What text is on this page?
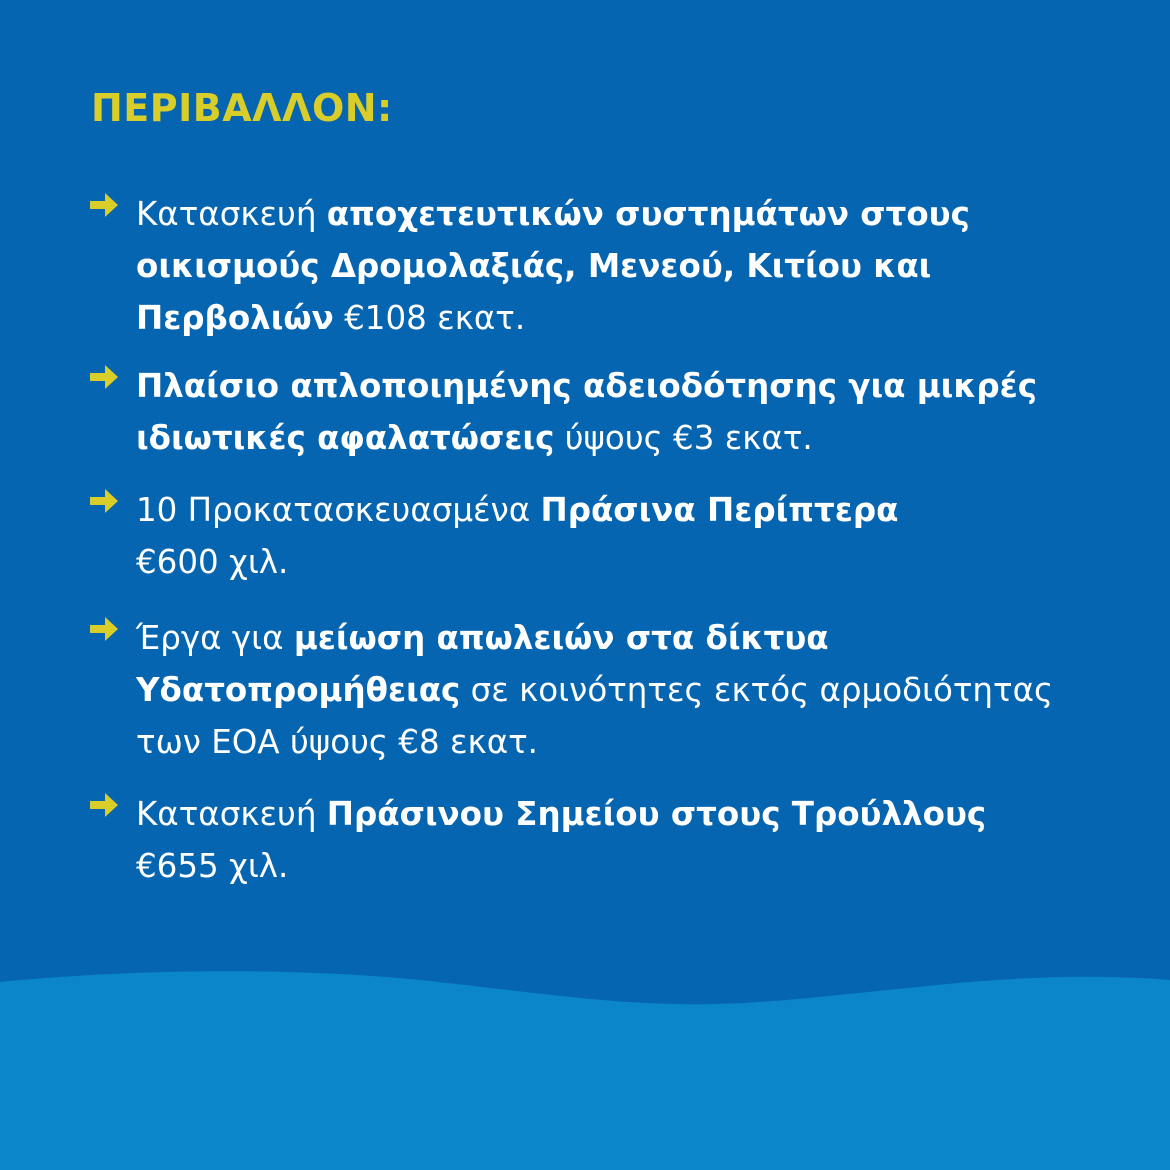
ΠΕΡΙΒΑΛΛΟΝ:
Κατασκευή αποχετευτικών συστημάτων στους
οικισμούς Δρομολαξιάς, Μενεού, Κιτίου και
Περβολιών €108 εκατ.
Πλαίσιο απλοποιημένης αδειοδότησης για μικρές
ιδιωτικές αφαλατώσεις ύψους €3 εκατ.
10 Προκατασκευασμένα Πράσινα Περίπτερα
€600 χιλ.
Έργα για μείωση απωλειών στα δίκτυα
Υδατοπρομήθειας σε κοινότητες εκτός αρμοδιότητας
των ΕΟΑ ύψους €8 εκατ.
Κατασκευή Πράσινου Σημείου στους Τρούλλους
€655 χιλ.
